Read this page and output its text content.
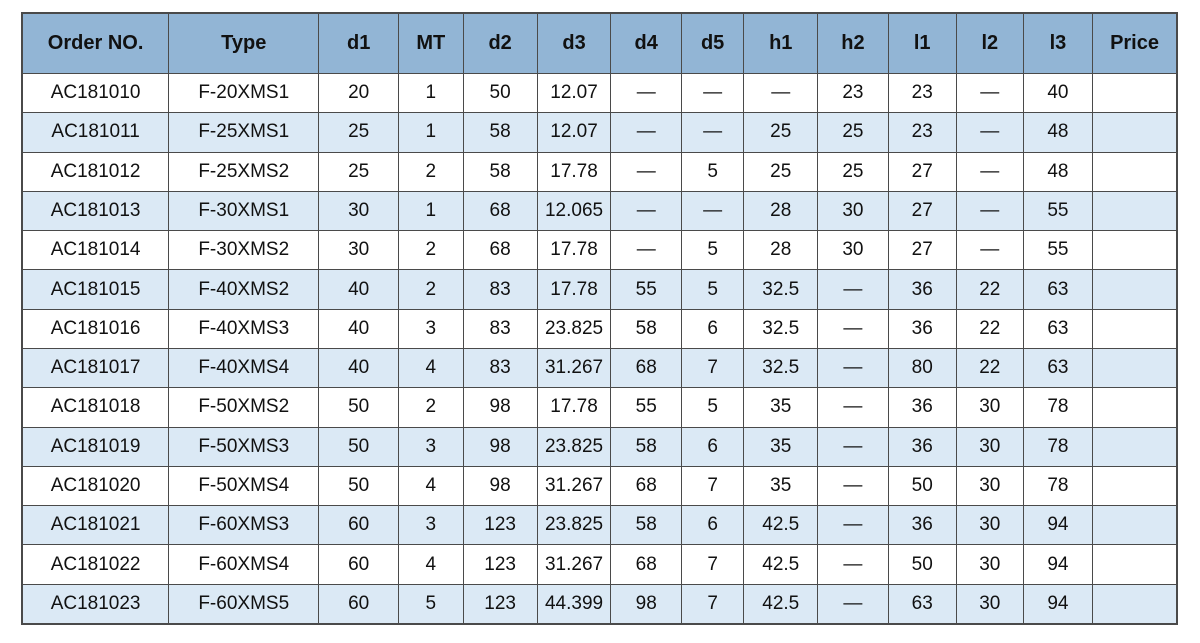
Order NO.	Type	d1	MT	d2	d3	d4	d5	h1	h2	l1	l2	l3	Price
AC181010	F-20XMS1	20	1	50	12.07	—	—	—	23	23	—	40	
AC181011	F-25XMS1	25	1	58	12.07	—	—	25	25	23	—	48	
AC181012	F-25XMS2	25	2	58	17.78	—	5	25	25	27	—	48	
AC181013	F-30XMS1	30	1	68	12.065	—	—	28	30	27	—	55	
AC181014	F-30XMS2	30	2	68	17.78	—	5	28	30	27	—	55	
AC181015	F-40XMS2	40	2	83	17.78	55	5	32.5	—	36	22	63	
AC181016	F-40XMS3	40	3	83	23.825	58	6	32.5	—	36	22	63	
AC181017	F-40XMS4	40	4	83	31.267	68	7	32.5	—	80	22	63	
AC181018	F-50XMS2	50	2	98	17.78	55	5	35	—	36	30	78	
AC181019	F-50XMS3	50	3	98	23.825	58	6	35	—	36	30	78	
AC181020	F-50XMS4	50	4	98	31.267	68	7	35	—	50	30	78	
AC181021	F-60XMS3	60	3	123	23.825	58	6	42.5	—	36	30	94	
AC181022	F-60XMS4	60	4	123	31.267	68	7	42.5	—	50	30	94	
AC181023	F-60XMS5	60	5	123	44.399	98	7	42.5	—	63	30	94	
